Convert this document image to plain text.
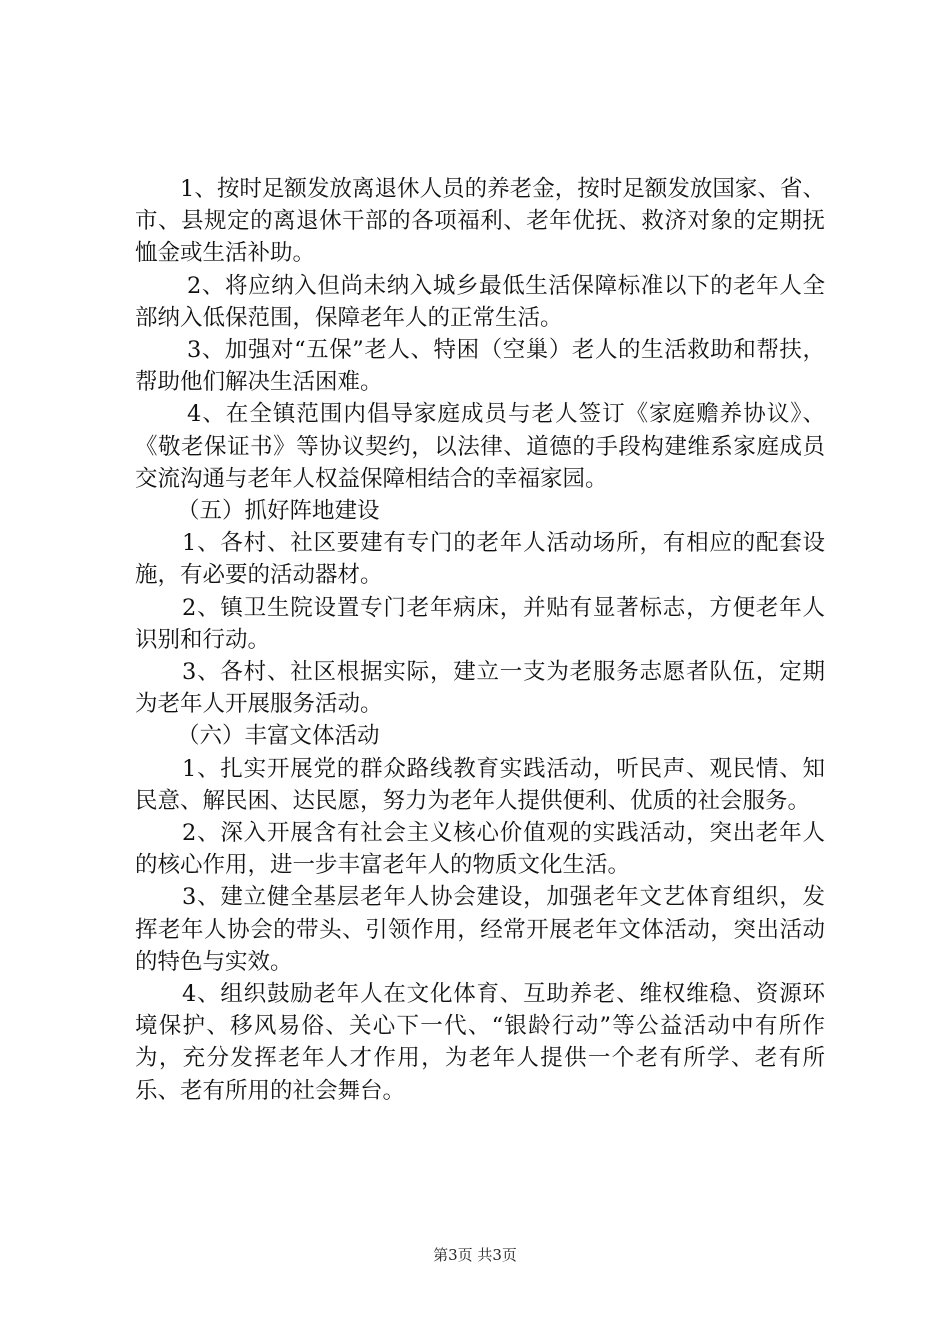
1、按时足额发放离退休人员的养老金，按时足额发放国家、省、市、县规定的离退休干部的各项福利、老年优抚、救济对象的定期抚恤金或生活补助。

2、将应纳入但尚未纳入城乡最低生活保障标准以下的老年人全部纳入低保范围，保障老年人的正常生活。

3、加强对“五保”老人、特困（空巢）老人的生活救助和帮扶，帮助他们解决生活困难。

4、在全镇范围内倡导家庭成员与老人签订《家庭赡养协议》、《敬老保证书》等协议契约，以法律、道德的手段构建维系家庭成员交流沟通与老年人权益保障相结合的幸福家园。

（五）抓好阵地建设

1、各村、社区要建有专门的老年人活动场所，有相应的配套设施，有必要的活动器材。

2、镇卫生院设置专门老年病床，并贴有显著标志，方便老年人识别和行动。

3、各村、社区根据实际，建立一支为老服务志愿者队伍，定期为老年人开展服务活动。

（六）丰富文体活动

1、扎实开展党的群众路线教育实践活动，听民声、观民情、知民意、解民困、达民愿，努力为老年人提供便利、优质的社会服务。

2、深入开展含有社会主义核心价值观的实践活动，突出老年人的核心作用，进一步丰富老年人的物质文化生活。

3、建立健全基层老年人协会建设，加强老年文艺体育组织，发挥老年人协会的带头、引领作用，经常开展老年文体活动，突出活动的特色与实效。

4、组织鼓励老年人在文化体育、互助养老、维权维稳、资源环境保护、移风易俗、关心下一代、“银龄行动”等公益活动中有所作为，充分发挥老年人才作用，为老年人提供一个老有所学、老有所乐、老有所用的社会舞台。

第3页 共3页
